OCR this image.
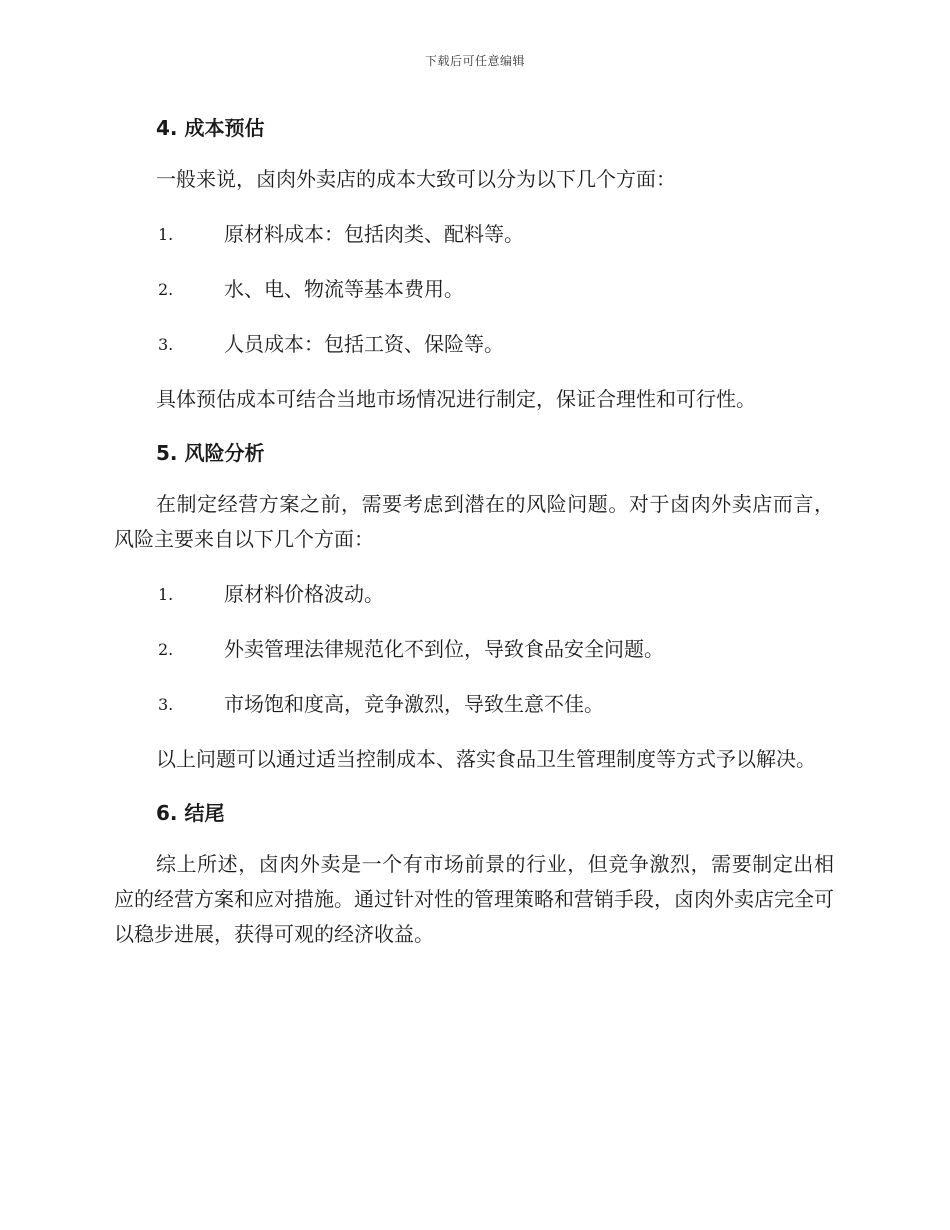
下载后可任意编辑
4. 成本预估

一般来说，卤肉外卖店的成本大致可以分为以下几个方面：

1.	原材料成本：包括肉类、配料等。
2.	水、电、物流等基本费用。
3.	人员成本：包括工资、保险等。

具体预估成本可结合当地市场情况进行制定，保证合理性和可行性。

5. 风险分析

在制定经营方案之前，需要考虑到潜在的风险问题。对于卤肉外卖店而言，风险主要来自以下几个方面：

1.	原材料价格波动。
2.	外卖管理法律规范化不到位，导致食品安全问题。
3.	市场饱和度高，竞争激烈，导致生意不佳。

以上问题可以通过适当控制成本、落实食品卫生管理制度等方式予以解决。

6. 结尾

综上所述，卤肉外卖是一个有市场前景的行业，但竞争激烈，需要制定出相应的经营方案和应对措施。通过针对性的管理策略和营销手段，卤肉外卖店完全可以稳步进展，获得可观的经济收益。
